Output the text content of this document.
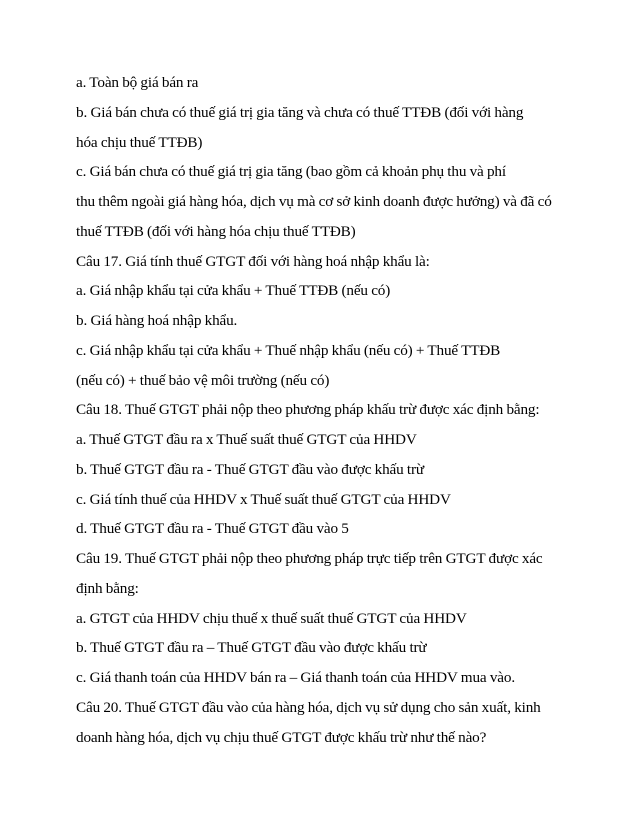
a. Toàn bộ giá bán ra
b. Giá bán chưa có thuế giá trị gia tăng và chưa có thuế TTĐB (đối với hàng
hóa chịu thuế TTĐB)
c. Giá bán chưa có thuế giá trị gia tăng (bao gồm cả khoản phụ thu và phí
thu thêm ngoài giá hàng hóa, dịch vụ mà cơ sở kinh doanh được hưởng) và đã có
thuế TTĐB (đối với hàng hóa chịu thuế TTĐB)
Câu 17. Giá tính thuế GTGT đối với hàng hoá nhập khẩu là:
a. Giá nhập khẩu tại cửa khẩu + Thuế TTĐB (nếu có)
b. Giá hàng hoá nhập khẩu.
c. Giá nhập khẩu tại cửa khẩu + Thuế nhập khẩu (nếu có) + Thuế TTĐB
(nếu có) + thuế bảo vệ môi trường (nếu có)
Câu 18. Thuế GTGT phải nộp theo phương pháp khấu trừ được xác định bằng:
a. Thuế GTGT đầu ra x Thuế suất thuế GTGT của HHDV
b. Thuế GTGT đầu ra - Thuế GTGT đầu vào được khấu trừ
c. Giá tính thuế của HHDV x Thuế suất thuế GTGT của HHDV
d. Thuế GTGT đầu ra - Thuế GTGT đầu vào 5
Câu 19. Thuế GTGT phải nộp theo phương pháp trực tiếp trên GTGT được xác
định bằng:
a. GTGT của HHDV chịu thuế x thuế suất thuế GTGT của HHDV
b. Thuế GTGT đầu ra – Thuế GTGT đầu vào được khấu trừ
c. Giá thanh toán của HHDV bán ra – Giá thanh toán của HHDV mua vào.
Câu 20. Thuế GTGT đầu vào của hàng hóa, dịch vụ sử dụng cho sản xuất, kinh
doanh hàng hóa, dịch vụ chịu thuế GTGT được khấu trừ như thế nào?
